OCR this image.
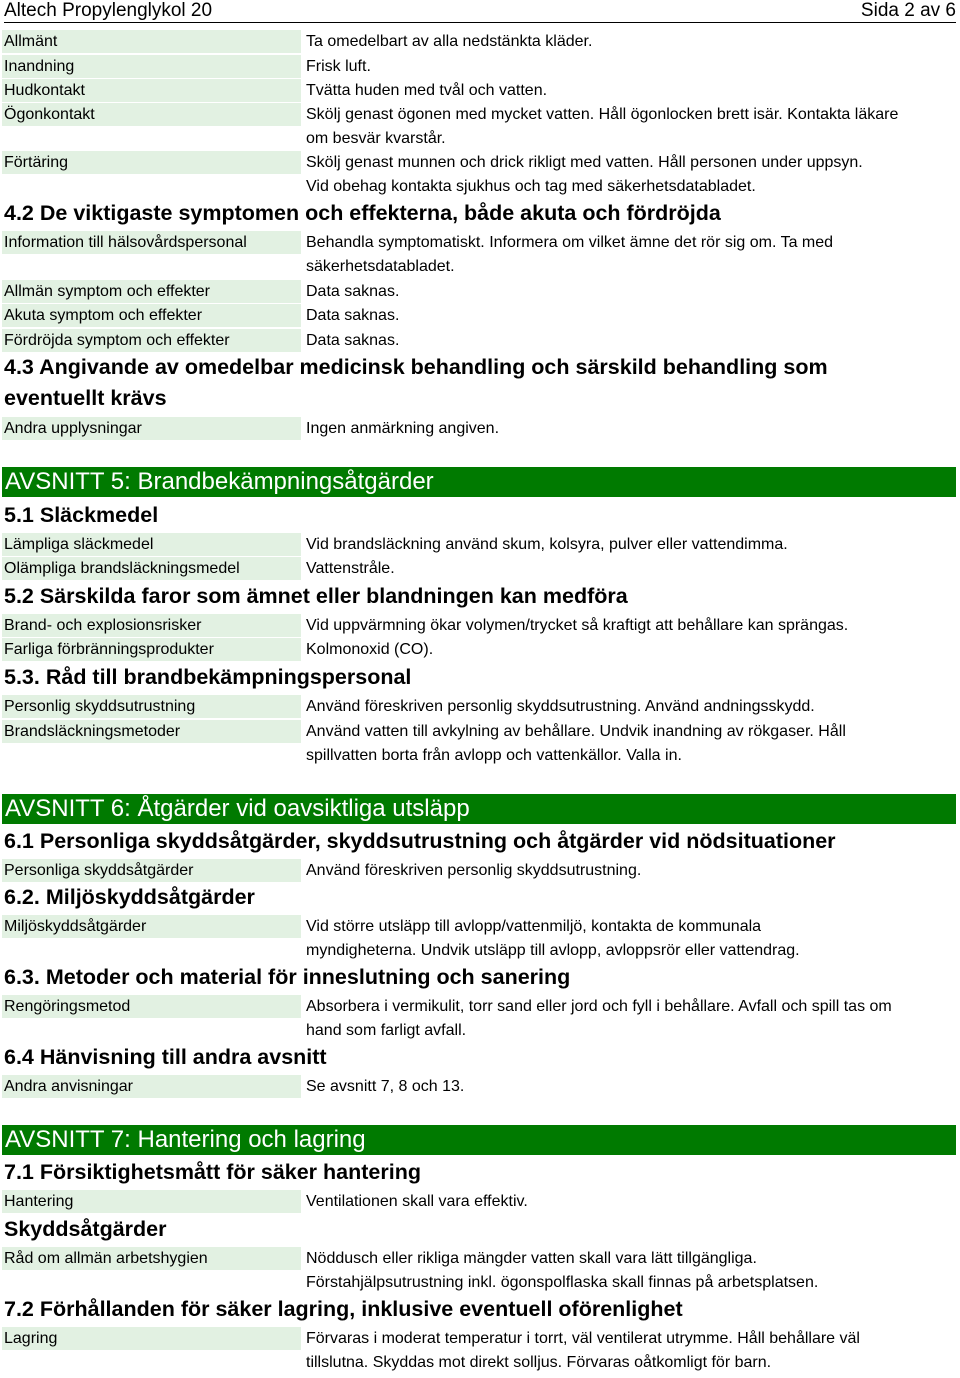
Altech Propylenglykol 20	Sida 2 av 6
Allmänt	Ta omedelbart av alla nedstänkta kläder.
Inandning	Frisk luft.
Hudkontakt	Tvätta huden med tvål och vatten.
Ögonkontakt	Skölj genast ögonen med mycket vatten. Håll ögonlocken brett isär. Kontakta läkare om besvär kvarstår.
Förtäring	Skölj genast munnen och drick rikligt med vatten. Håll personen under uppsyn. Vid obehag kontakta sjukhus och tag med säkerhetsdatabladet.
4.2 De viktigaste symptomen och effekterna, både akuta och fördröjda
Information till hälsovårdspersonal	Behandla symptomatiskt. Informera om vilket ämne det rör sig om. Ta med säkerhetsdatabladet.
Allmän symptom och effekter	Data saknas.
Akuta symptom och effekter	Data saknas.
Fördröjda symptom och effekter	Data saknas.
4.3 Angivande av omedelbar medicinsk behandling och särskild behandling som eventuellt krävs
Andra upplysningar	Ingen anmärkning angiven.
AVSNITT 5: Brandbekämpningsåtgärder
5.1 Släckmedel
Lämpliga släckmedel	Vid brandsläckning använd skum, kolsyra, pulver eller vattendimma.
Olämpliga brandsläckningsmedel	Vattenstråle.
5.2 Särskilda faror som ämnet eller blandningen kan medföra
Brand- och explosionsrisker	Vid uppvärmning ökar volymen/trycket så kraftigt att behållare kan sprängas.
Farliga förbränningsprodukter	Kolmonoxid (CO).
5.3. Råd till brandbekämpningspersonal
Personlig skyddsutrustning	Använd föreskriven personlig skyddsutrustning. Använd andningsskydd.
Brandsläckningsmetoder	Använd vatten till avkylning av behållare. Undvik inandning av rökgaser. Håll spillvatten borta från avlopp och vattenkällor. Valla in.
AVSNITT 6: Åtgärder vid oavsiktliga utsläpp
6.1 Personliga skyddsåtgärder, skyddsutrustning och åtgärder vid nödsituationer
Personliga skyddsåtgärder	Använd föreskriven personlig skyddsutrustning.
6.2. Miljöskyddsåtgärder
Miljöskyddsåtgärder	Vid större utsläpp till avlopp/vattenmiljö, kontakta de kommunala myndigheterna. Undvik utsläpp till avlopp, avloppsrör eller vattendrag.
6.3. Metoder och material för inneslutning och sanering
Rengöringsmetod	Absorbera i vermikulit, torr sand eller jord och fyll i behållare. Avfall och spill tas om hand som farligt avfall.
6.4 Hänvisning till andra avsnitt
Andra anvisningar	Se avsnitt 7, 8 och 13.
AVSNITT 7: Hantering och lagring
7.1 Försiktighetsmått för säker hantering
Hantering	Ventilationen skall vara effektiv.
Skyddsåtgärder
Råd om allmän arbetshygien	Nöddusch eller rikliga mängder vatten skall vara lätt tillgängliga. Förstahjälpsutrustning inkl. ögonspolflaska skall finnas på arbetsplatsen.
7.2 Förhållanden för säker lagring, inklusive eventuell oförenlighet
Lagring	Förvaras i moderat temperatur i torrt, väl ventilerat utrymme. Håll behållare väl tillslutna. Skyddas mot direkt solljus. Förvaras oåtkomligt för barn.
